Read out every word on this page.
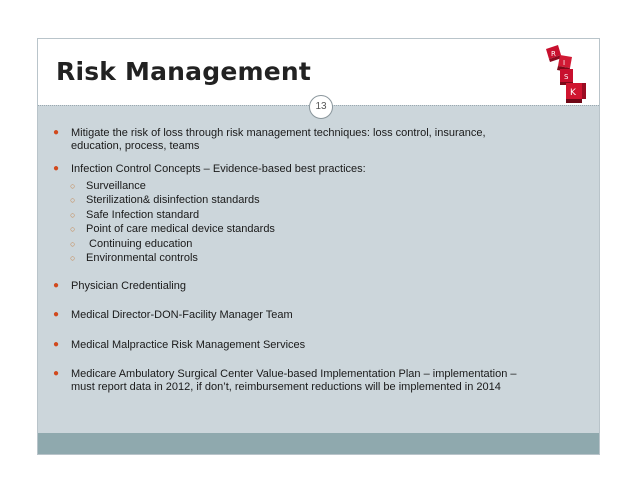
Risk Management
R
I
S
K
13
● Mitigate the risk of loss through risk management techniques: loss control, insurance,
education, process, teams
● Infection Control Concepts – Evidence-based best practices:
○ Surveillance
○ Sterilization& disinfection standards
○ Safe Infection standard
○ Point of care medical device standards
○ Continuing education
○ Environmental controls
● Physician Credentialing
● Medical Director-DON-Facility Manager Team
● Medical Malpractice Risk Management Services
● Medicare Ambulatory Surgical Center Value-based Implementation Plan – implementation –
must report data in 2012, if don’t, reimbursement reductions will be implemented in 2014
